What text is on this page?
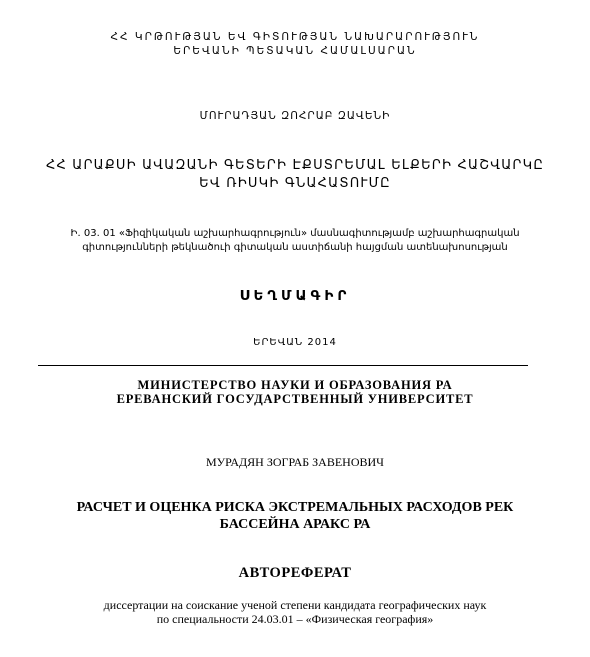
ՀՀ ԿՐԹՈՒԹՅԱՆ ԵՎ ԳԻՏՈՒԹՅԱՆ ՆԱԽԱՐԱՐՈՒԹՅՈՒՆ
ԵՐԵՎԱՆԻ ՊԵՏԱԿԱՆ ՀԱՄԱԼՍԱՐԱՆ
ՄՈՒՐԱԴՅԱՆ ԶՈՀՐԱԲ ԶԱՎԵՆԻ
ՀՀ ԱՐԱՔՍԻ ԱՎԱԶԱՆԻ ԳԵՏԵՐԻ ԷՔՍՏՐԵՄԱԼ ԵԼՔԵՐԻ ՀԱՇՎԱՐԿԸ
ԵՎ ՌԻՍԿԻ ԳՆԱՀԱՏՈՒՄԸ
Ի․ 03. 01 «Ֆիզիկական աշխարհագրություն» մասնագիտությամբ աշխարհագրական
գիտությունների թեկնածուի գիտական աստիճանի հայցման ատենախոսության
ՍԵՂՄԱԳԻՐ
ԵՐԵՎԱՆ 2014
МИНИСТЕРСТВО НАУКИ И ОБРАЗОВАНИЯ РА
ЕРЕВАНСКИЙ ГОСУДАРСТВЕННЫЙ УНИВЕРСИТЕТ
МУРАДЯН ЗОГРАБ ЗАВЕНОВИЧ
РАСЧЕТ И ОЦЕНКА РИСКА ЭКСТРЕМАЛЬНЫХ РАСХОДОВ РЕК
БАССЕЙНА АРАКС РА
АВТОРЕФЕРАТ
диссертации на соискание ученой степени кандидата географических наук
по специальности 24.03.01 – «Физическая география»
